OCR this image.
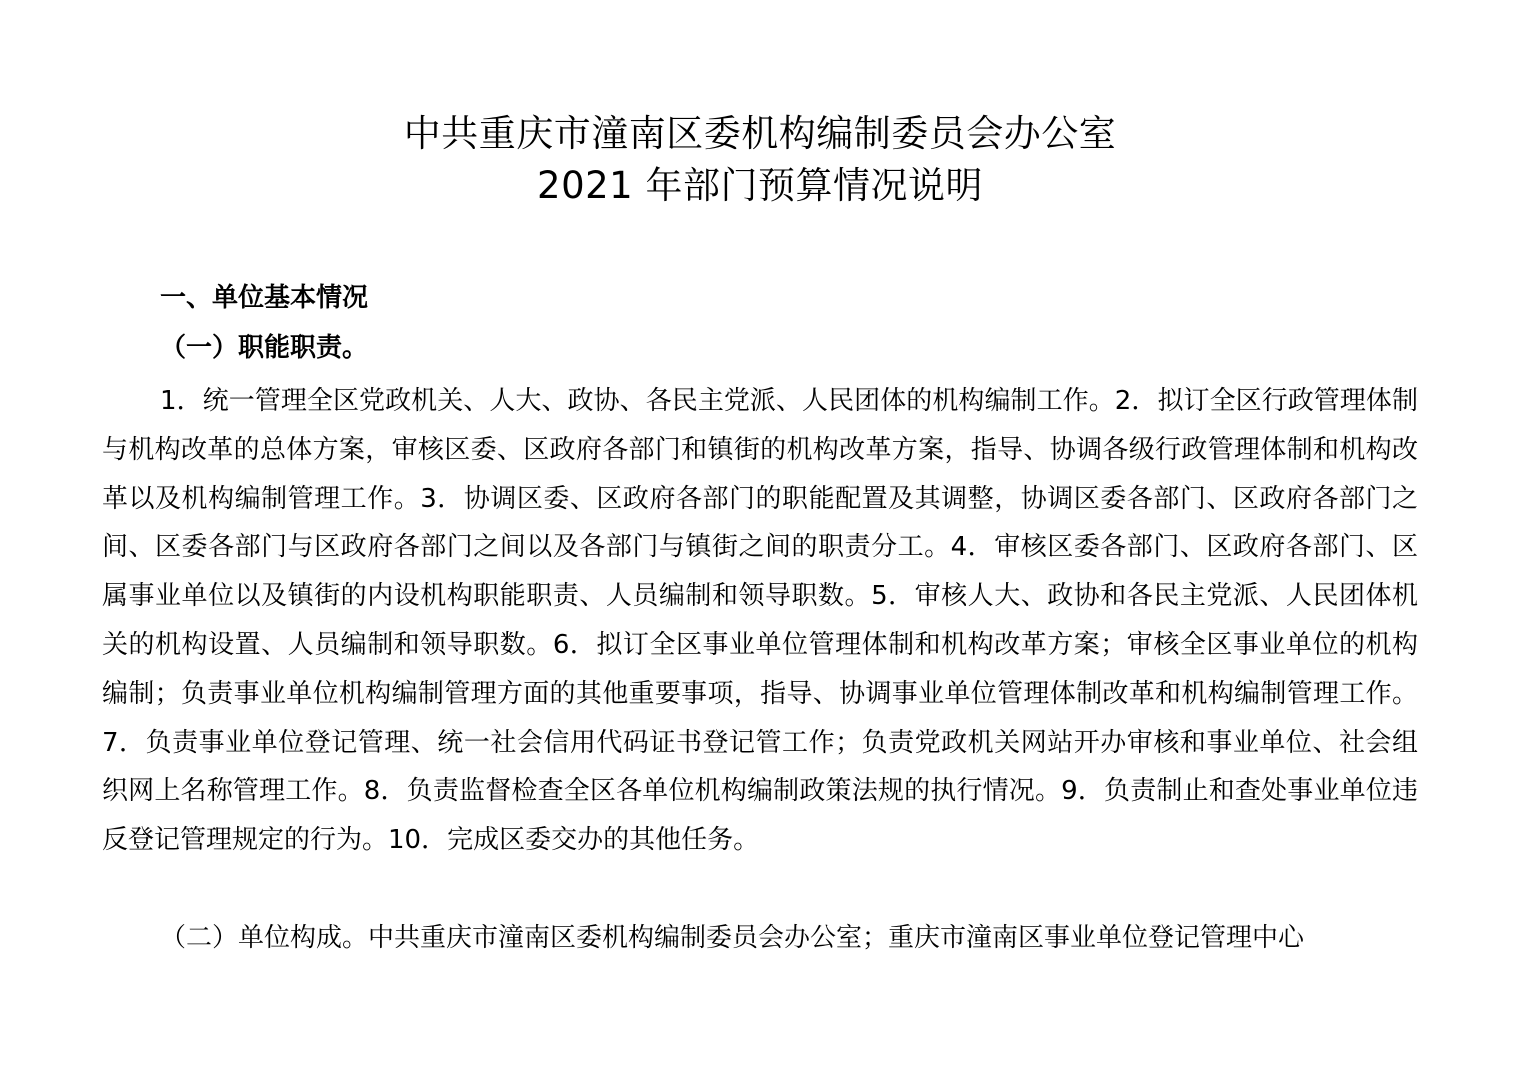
中共重庆市潼南区委机构编制委员会办公室
2021 年部门预算情况说明
一、单位基本情况
（一）职能职责。

1．统一管理全区党政机关、人大、政协、各民主党派、人民团体的机构编制工作。2．拟订全区行政管理体制与机构改革的总体方案，审核区委、区政府各部门和镇街的机构改革方案，指导、协调各级行政管理体制和机构改革以及机构编制管理工作。3．协调区委、区政府各部门的职能配置及其调整，协调区委各部门、区政府各部门之间、区委各部门与区政府各部门之间以及各部门与镇街之间的职责分工。4．审核区委各部门、区政府各部门、区属事业单位以及镇街的内设机构职能职责、人员编制和领导职数。5．审核人大、政协和各民主党派、人民团体机关的机构设置、人员编制和领导职数。6．拟订全区事业单位管理体制和机构改革方案；审核全区事业单位的机构编制；负责事业单位机构编制管理方面的其他重要事项，指导、协调事业单位管理体制改革和机构编制管理工作。7．负责事业单位登记管理、统一社会信用代码证书登记管工作；负责党政机关网站开办审核和事业单位、社会组织网上名称管理工作。8．负责监督检查全区各单位机构编制政策法规的执行情况。9．负责制止和查处事业单位违反登记管理规定的行为。10．完成区委交办的其他任务。

（二）单位构成。中共重庆市潼南区委机构编制委员会办公室；重庆市潼南区事业单位登记管理中心
